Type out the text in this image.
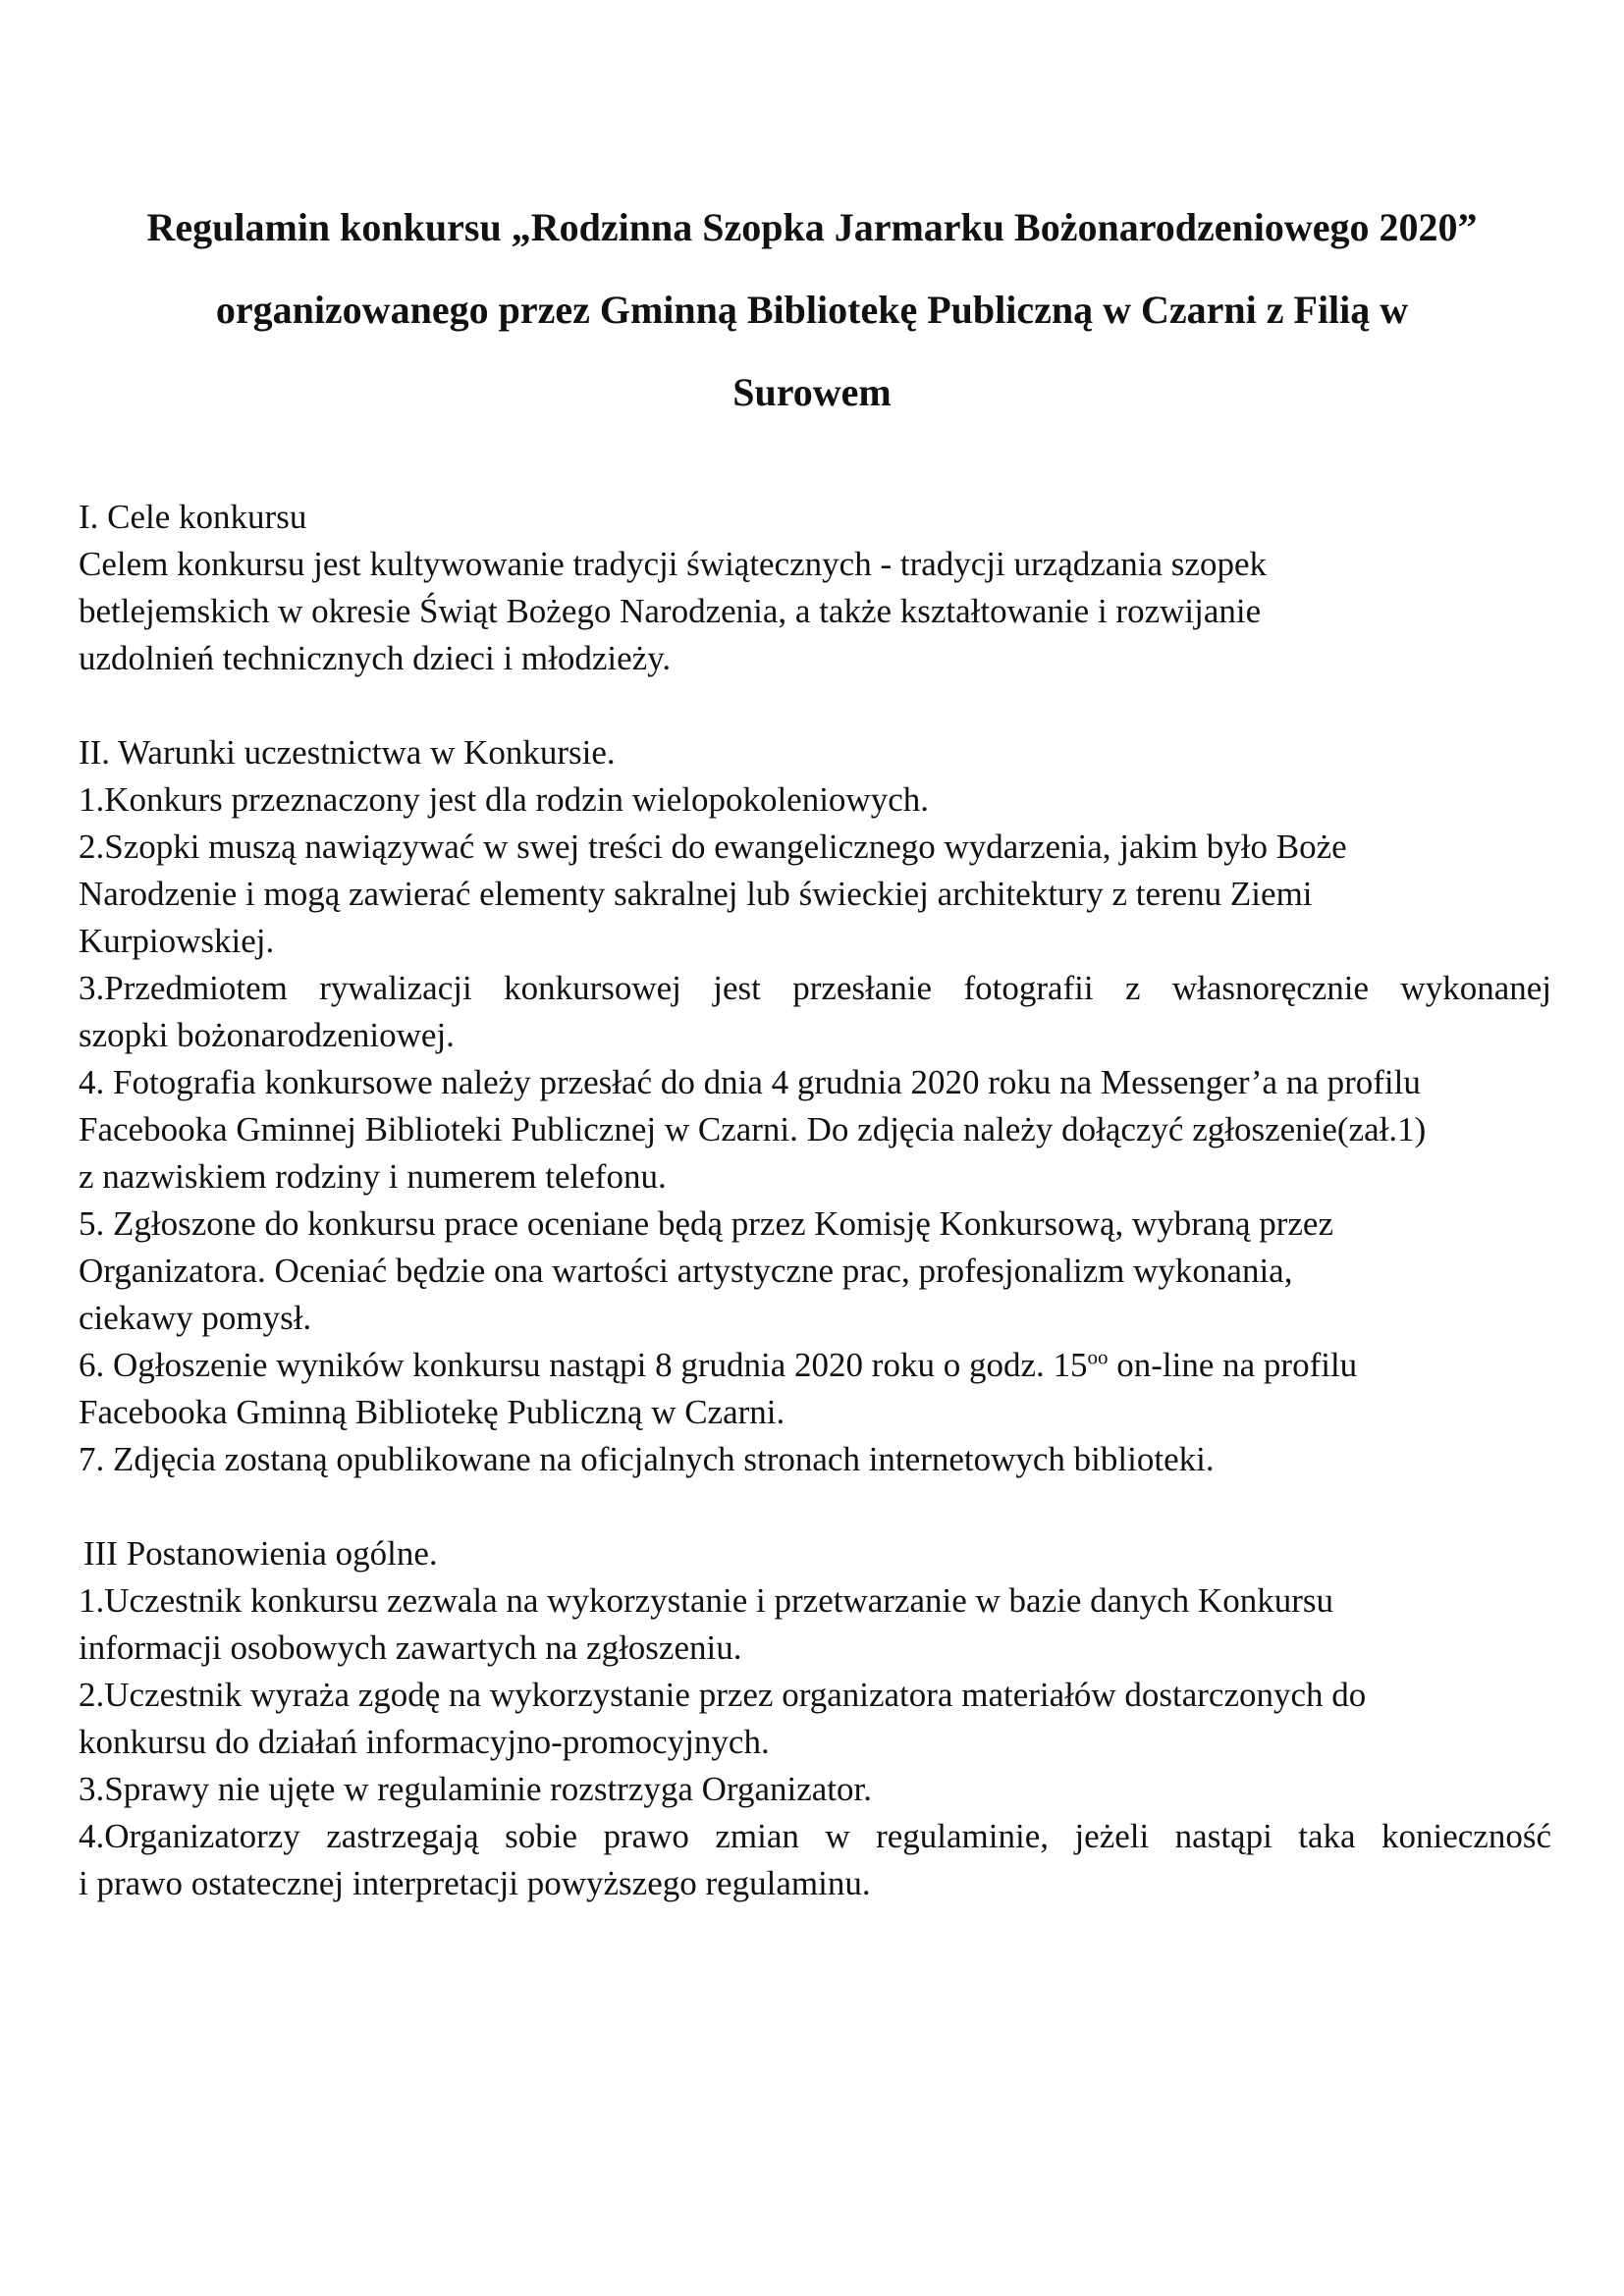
Regulamin konkursu „Rodzinna Szopka Jarmarku Bożonarodzeniowego 2020”
organizowanego przez Gminną Bibliotekę Publiczną w Czarni z Filią w
Surowem
I. Cele konkursu
Celem konkursu jest kultywowanie tradycji świątecznych - tradycji urządzania szopek
betlejemskich w okresie Świąt Bożego Narodzenia, a także kształtowanie i rozwijanie
uzdolnień technicznych dzieci i młodzieży.
II. Warunki uczestnictwa w Konkursie.
1.Konkurs przeznaczony jest dla rodzin wielopokoleniowych.
2.Szopki muszą nawiązywać w swej treści do ewangelicznego wydarzenia, jakim było Boże
Narodzenie i mogą zawierać elementy sakralnej lub świeckiej architektury z terenu Ziemi
Kurpiowskiej.
3.Przedmiotem rywalizacji konkursowej jest przesłanie fotografii z własnoręcznie wykonanej
szopki bożonarodzeniowej.
4. Fotografia konkursowe należy przesłać do dnia 4 grudnia 2020 roku na Messenger’a na profilu
Facebooka Gminnej Biblioteki Publicznej w Czarni. Do zdjęcia należy dołączyć zgłoszenie(zał.1)
z nazwiskiem rodziny i numerem telefonu.
5. Zgłoszone do konkursu prace oceniane będą przez Komisję Konkursową, wybraną przez
Organizatora. Oceniać będzie ona wartości artystyczne prac, profesjonalizm wykonania,
ciekawy pomysł.
6. Ogłoszenie wyników konkursu nastąpi 8 grudnia 2020 roku o godz. $15^{oo}$ on-line na profilu
Facebooka Gminną Bibliotekę Publiczną w Czarni.
7. Zdjęcia zostaną opublikowane na oficjalnych stronach internetowych biblioteki.
III Postanowienia ogólne.
1.Uczestnik konkursu zezwala na wykorzystanie i przetwarzanie w bazie danych Konkursu
informacji osobowych zawartych na zgłoszeniu.
2.Uczestnik wyraża zgodę na wykorzystanie przez organizatora materiałów dostarczonych do
konkursu do działań informacyjno-promocyjnych.
3.Sprawy nie ujęte w regulaminie rozstrzyga Organizator.
4.Organizatorzy zastrzegają sobie prawo zmian w regulaminie, jeżeli nastąpi taka konieczność
i prawo ostatecznej interpretacji powyższego regulaminu.
